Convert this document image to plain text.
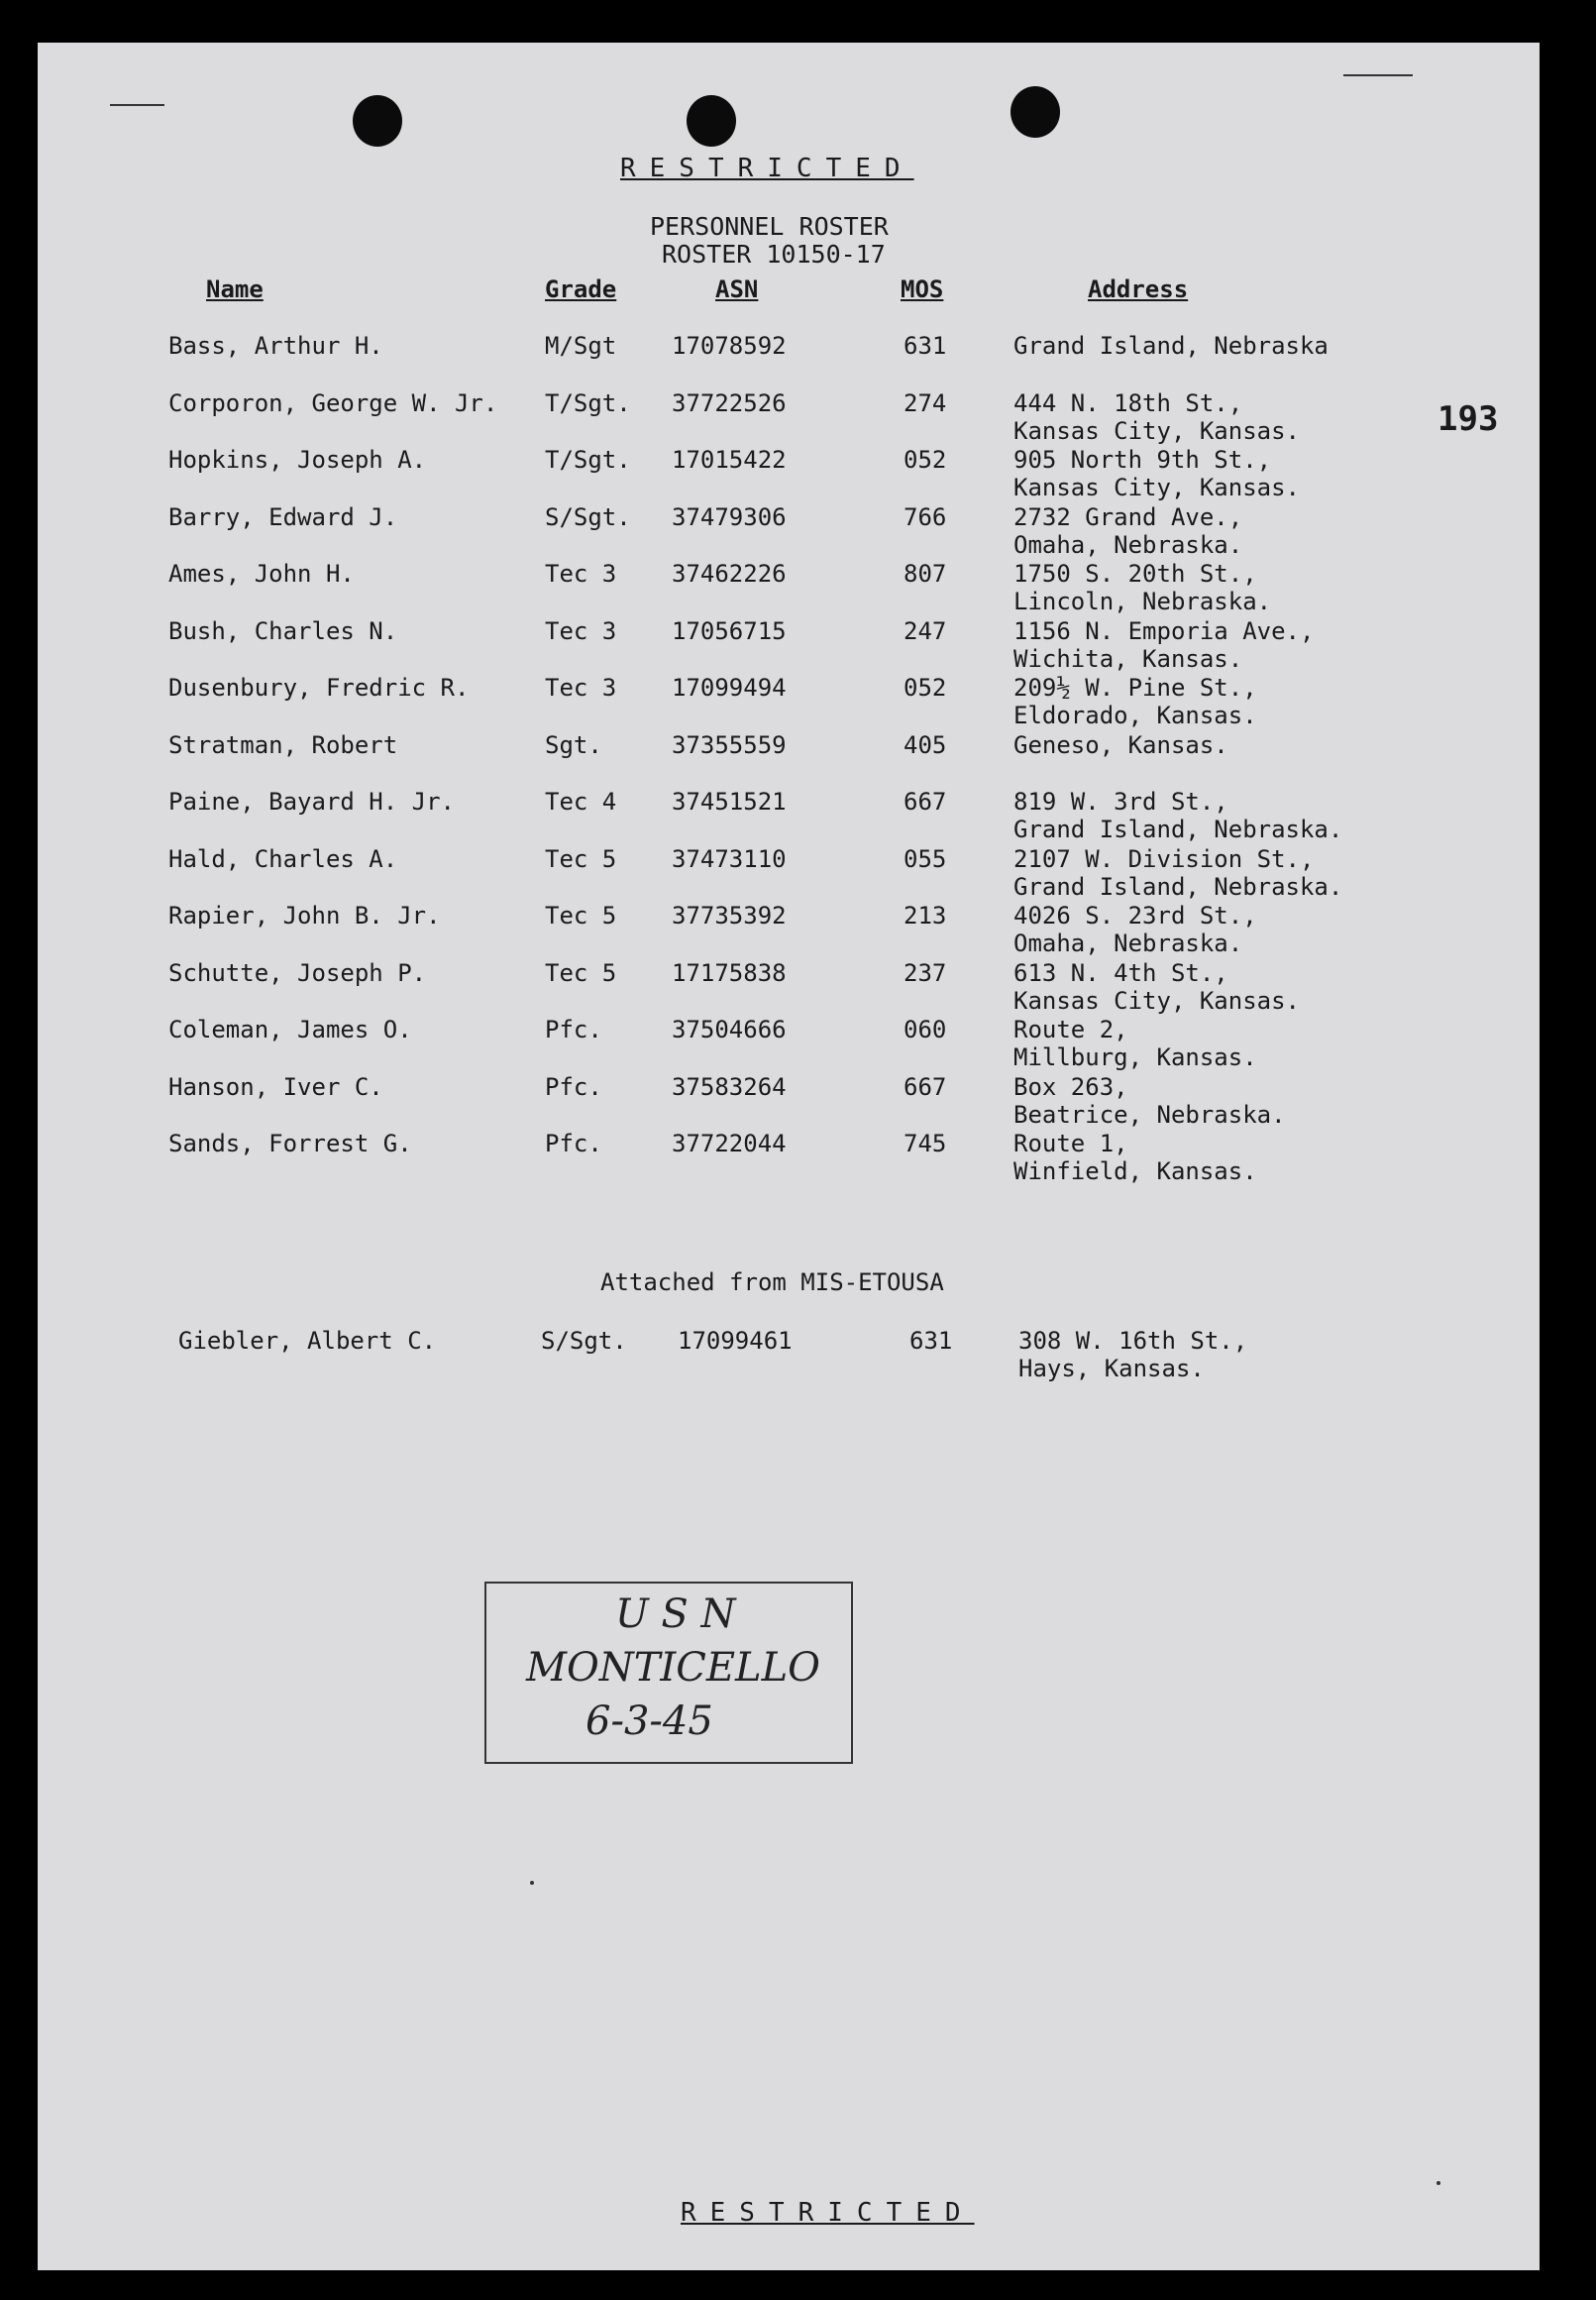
RESTRICTED
PERSONNEL ROSTER
ROSTER 10150-17
193
Name	Grade	ASN	MOS	Address
Bass, Arthur H.	M/Sgt 17078592	631	Grand Island, Nebraska
Corporon, George W. Jr. T/Sgt. 37722526	274	444 N. 18th St.,
Kansas City, Kansas.
Hopkins, Joseph A.	T/Sgt. 17015422	052	905 North 9th St.,
Kansas City, Kansas.
Barry, Edward J.	S/Sgt. 37479306	766	2732 Grand Ave.,
Omaha, Nebraska.
Ames, John H.	Tec 3 37462226	807	1750 S. 20th St.,
Lincoln, Nebraska.
Bush, Charles N.	Tec 3 17056715	247	1156 N. Emporia Ave.,
Wichita, Kansas.
Dusenbury, Fredric R.	Tec 3 17099494	052	209½ W. Pine St.,
Eldorado, Kansas.
Stratman, Robert	Sgt.	37355559	405	Geneso, Kansas.
Paine, Bayard H. Jr.	Tec 4 37451521	667	819 W. 3rd St.,
Grand Island, Nebraska.
Hald, Charles A.	Tec 5 37473110	055	2107 W. Division St.,
Grand Island, Nebraska.
Rapier, John B. Jr.	Tec 5 37735392	213	4026 S. 23rd St.,
Omaha, Nebraska.
Schutte, Joseph P.	Tec 5 17175838	237	613 N. 4th St.,
Kansas City, Kansas.
Coleman, James O.	Pfc.	37504666	060	Route 2,
Millburg, Kansas.
Hanson, Iver C.	Pfc.	37583264	667	Box 263,
Beatrice, Nebraska.
Sands, Forrest G.	Pfc.	37722044	745	Route 1,
Winfield, Kansas.
Attached from MIS-ETOUSA
Giebler, Albert C.	S/Sgt. 17099461	631	308 W. 16th St.,
Hays, Kansas.
U S N
MONTICELLO
6-3-45
RESTRICTED
